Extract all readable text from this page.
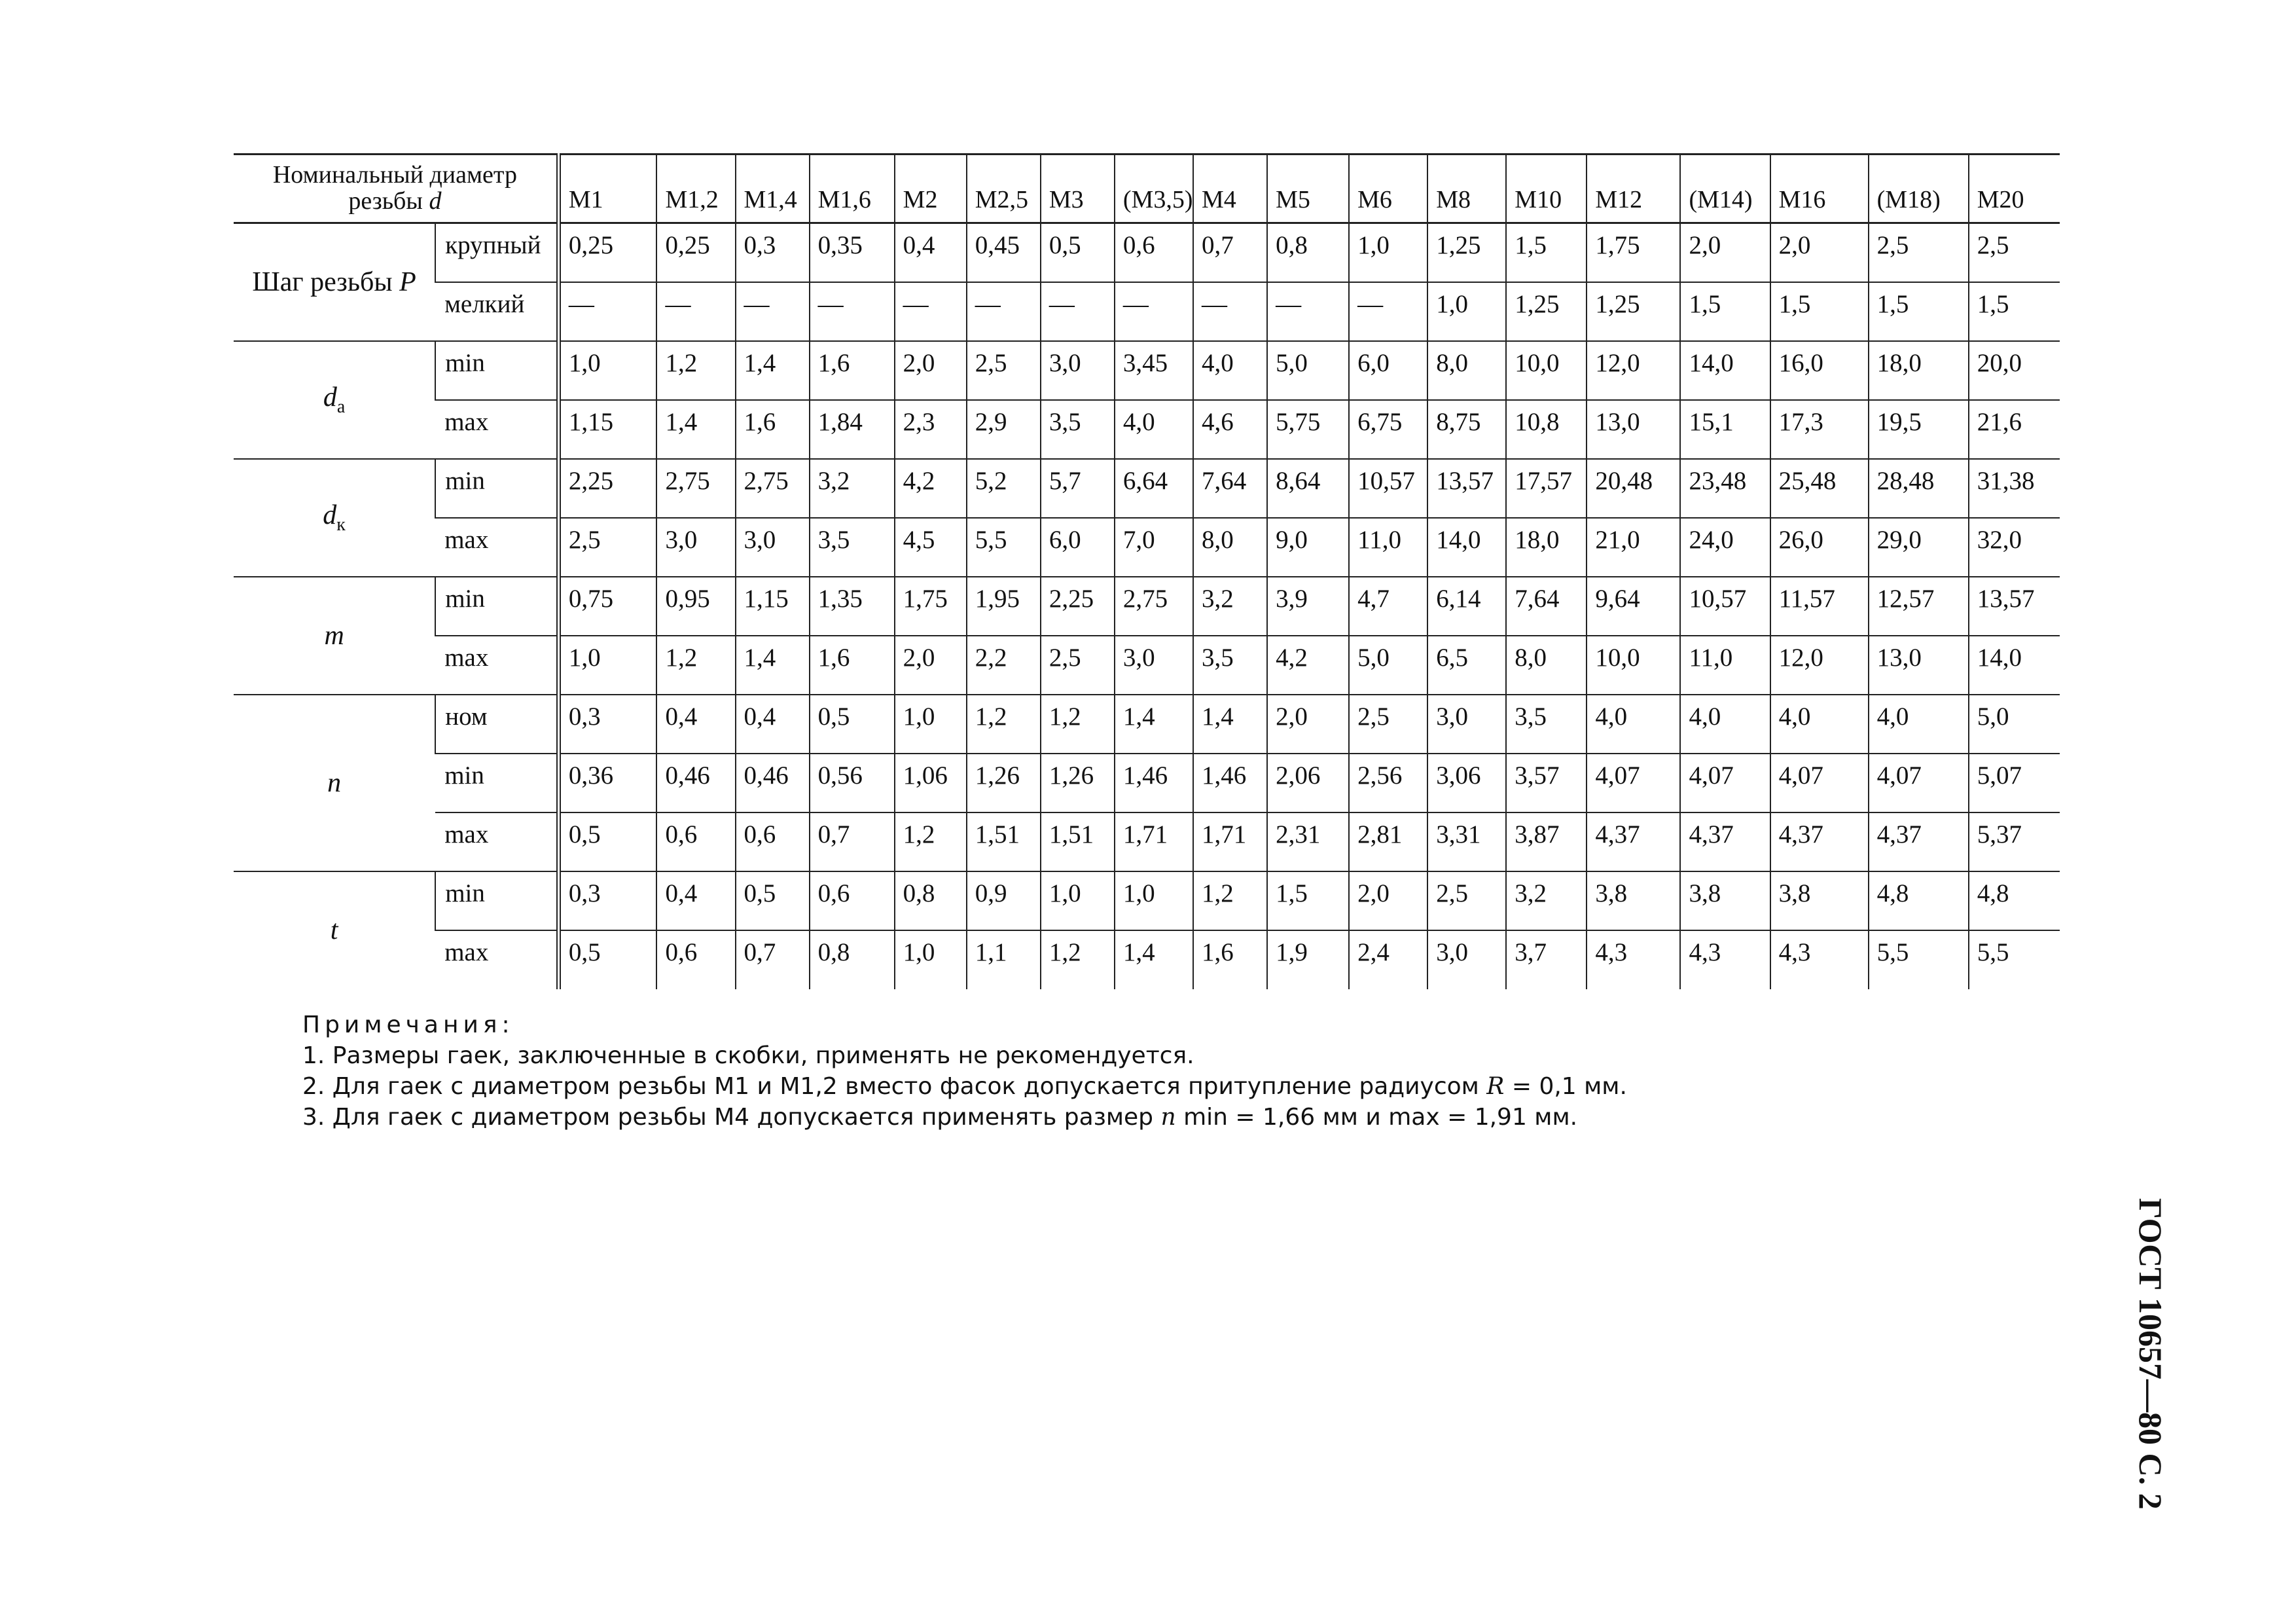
Номинальный диаметр
резьбы d		М1	М1,2	М1,4	М1,6	М2	М2,5	М3	(М3,5)	М4	М5	М6	М8	М10	М12	(М14)	М16	(М18)	М20
Шаг резьбы P	крупный	0,25	0,25	0,3	0,35	0,4	0,45	0,5	0,6	0,7	0,8	1,0	1,25	1,5	1,75	2,0	2,0	2,5	2,5
	мелкий	—	—	—	—	—	—	—	—	—	—	—	1,0	1,25	1,25	1,5	1,5	1,5	1,5
$d_а$	min	1,0	1,2	1,4	1,6	2,0	2,5	3,0	3,45	4,0	5,0	6,0	8,0	10,0	12,0	14,0	16,0	18,0	20,0
	max	1,15	1,4	1,6	1,84	2,3	2,9	3,5	4,0	4,6	5,75	6,75	8,75	10,8	13,0	15,1	17,3	19,5	21,6
$d_к$	min	2,25	2,75	2,75	3,2	4,2	5,2	5,7	6,64	7,64	8,64	10,57	13,57	17,57	20,48	23,48	25,48	28,48	31,38
	max	2,5	3,0	3,0	3,5	4,5	5,5	6,0	7,0	8,0	9,0	11,0	14,0	18,0	21,0	24,0	26,0	29,0	32,0
m	min	0,75	0,95	1,15	1,35	1,75	1,95	2,25	2,75	3,2	3,9	4,7	6,14	7,64	9,64	10,57	11,57	12,57	13,57
	max	1,0	1,2	1,4	1,6	2,0	2,2	2,5	3,0	3,5	4,2	5,0	6,5	8,0	10,0	11,0	12,0	13,0	14,0
n	ном	0,3	0,4	0,4	0,5	1,0	1,2	1,2	1,4	1,4	2,0	2,5	3,0	3,5	4,0	4,0	4,0	4,0	5,0
	min	0,36	0,46	0,46	0,56	1,06	1,26	1,26	1,46	1,46	2,06	2,56	3,06	3,57	4,07	4,07	4,07	4,07	5,07
	max	0,5	0,6	0,6	0,7	1,2	1,51	1,51	1,71	1,71	2,31	2,81	3,31	3,87	4,37	4,37	4,37	4,37	5,37
t	min	0,3	0,4	0,5	0,6	0,8	0,9	1,0	1,0	1,2	1,5	2,0	2,5	3,2	3,8	3,8	3,8	4,8	4,8
	max	0,5	0,6	0,7	0,8	1,0	1,1	1,2	1,4	1,6	1,9	2,4	3,0	3,7	4,3	4,3	4,3	5,5	5,5
Примечания:
1. Размеры гаек, заключенные в скобки, применять не рекомендуется.
2. Для гаек с диаметром резьбы М1 и М1,2 вместо фасок допускается притупление радиусом R = 0,1 мм.
3. Для гаек с диаметром резьбы М4 допускается применять размер n min = 1,66 мм и max = 1,91 мм.
ГОСТ 10657—80 С. 2
